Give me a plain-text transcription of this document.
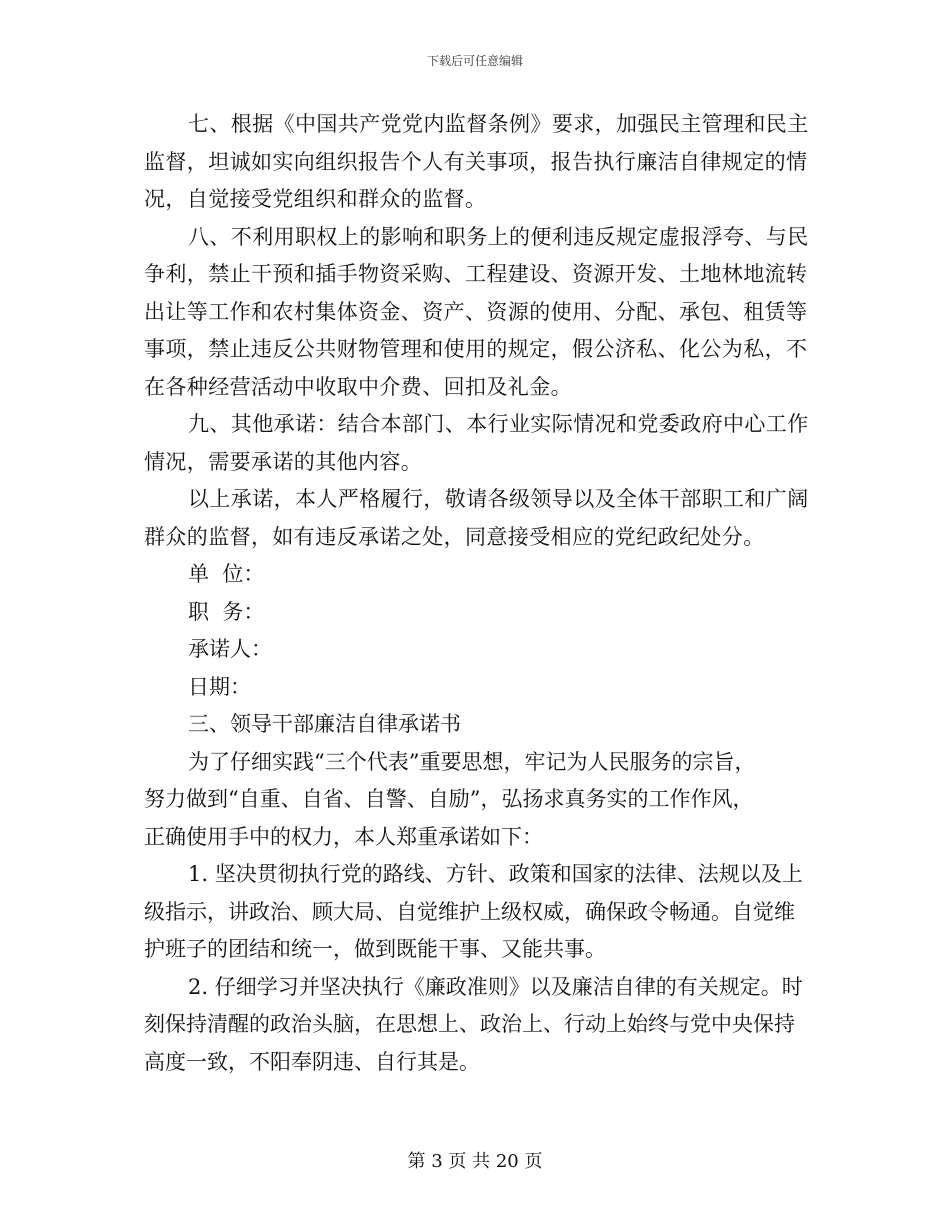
下载后可任意编辑

七、根据《中国共产党党内监督条例》要求，加强民主管理和民主监督，坦诚如实向组织报告个人有关事项，报告执行廉洁自律规定的情况，自觉接受党组织和群众的监督。

八、不利用职权上的影响和职务上的便利违反规定虚报浮夸、与民争利，禁止干预和插手物资采购、工程建设、资源开发、土地林地流转出让等工作和农村集体资金、资产、资源的使用、分配、承包、租赁等事项，禁止违反公共财物管理和使用的规定，假公济私、化公为私，不在各种经营活动中收取中介费、回扣及礼金。

九、其他承诺：结合本部门、本行业实际情况和党委政府中心工作情况，需要承诺的其他内容。

以上承诺，本人严格履行，敬请各级领导以及全体干部职工和广阔群众的监督，如有违反承诺之处，同意接受相应的党纪政纪处分。

单  位：

职  务：

承诺人：

日期：

三、领导干部廉洁自律承诺书

为了仔细实践“三个代表”重要思想，牢记为人民服务的宗旨，

努力做到“自重、自省、自警、自励”，弘扬求真务实的工作作风，

正确使用手中的权力，本人郑重承诺如下：

1. 坚决贯彻执行党的路线、方针、政策和国家的法律、法规以及上级指示，讲政治、顾大局、自觉维护上级权威，确保政令畅通。自觉维护班子的团结和统一，做到既能干事、又能共事。

2. 仔细学习并坚决执行《廉政准则》以及廉洁自律的有关规定。时刻保持清醒的政治头脑，在思想上、政治上、行动上始终与党中央保持高度一致，不阳奉阴违、自行其是。

第 3 页 共 20 页
